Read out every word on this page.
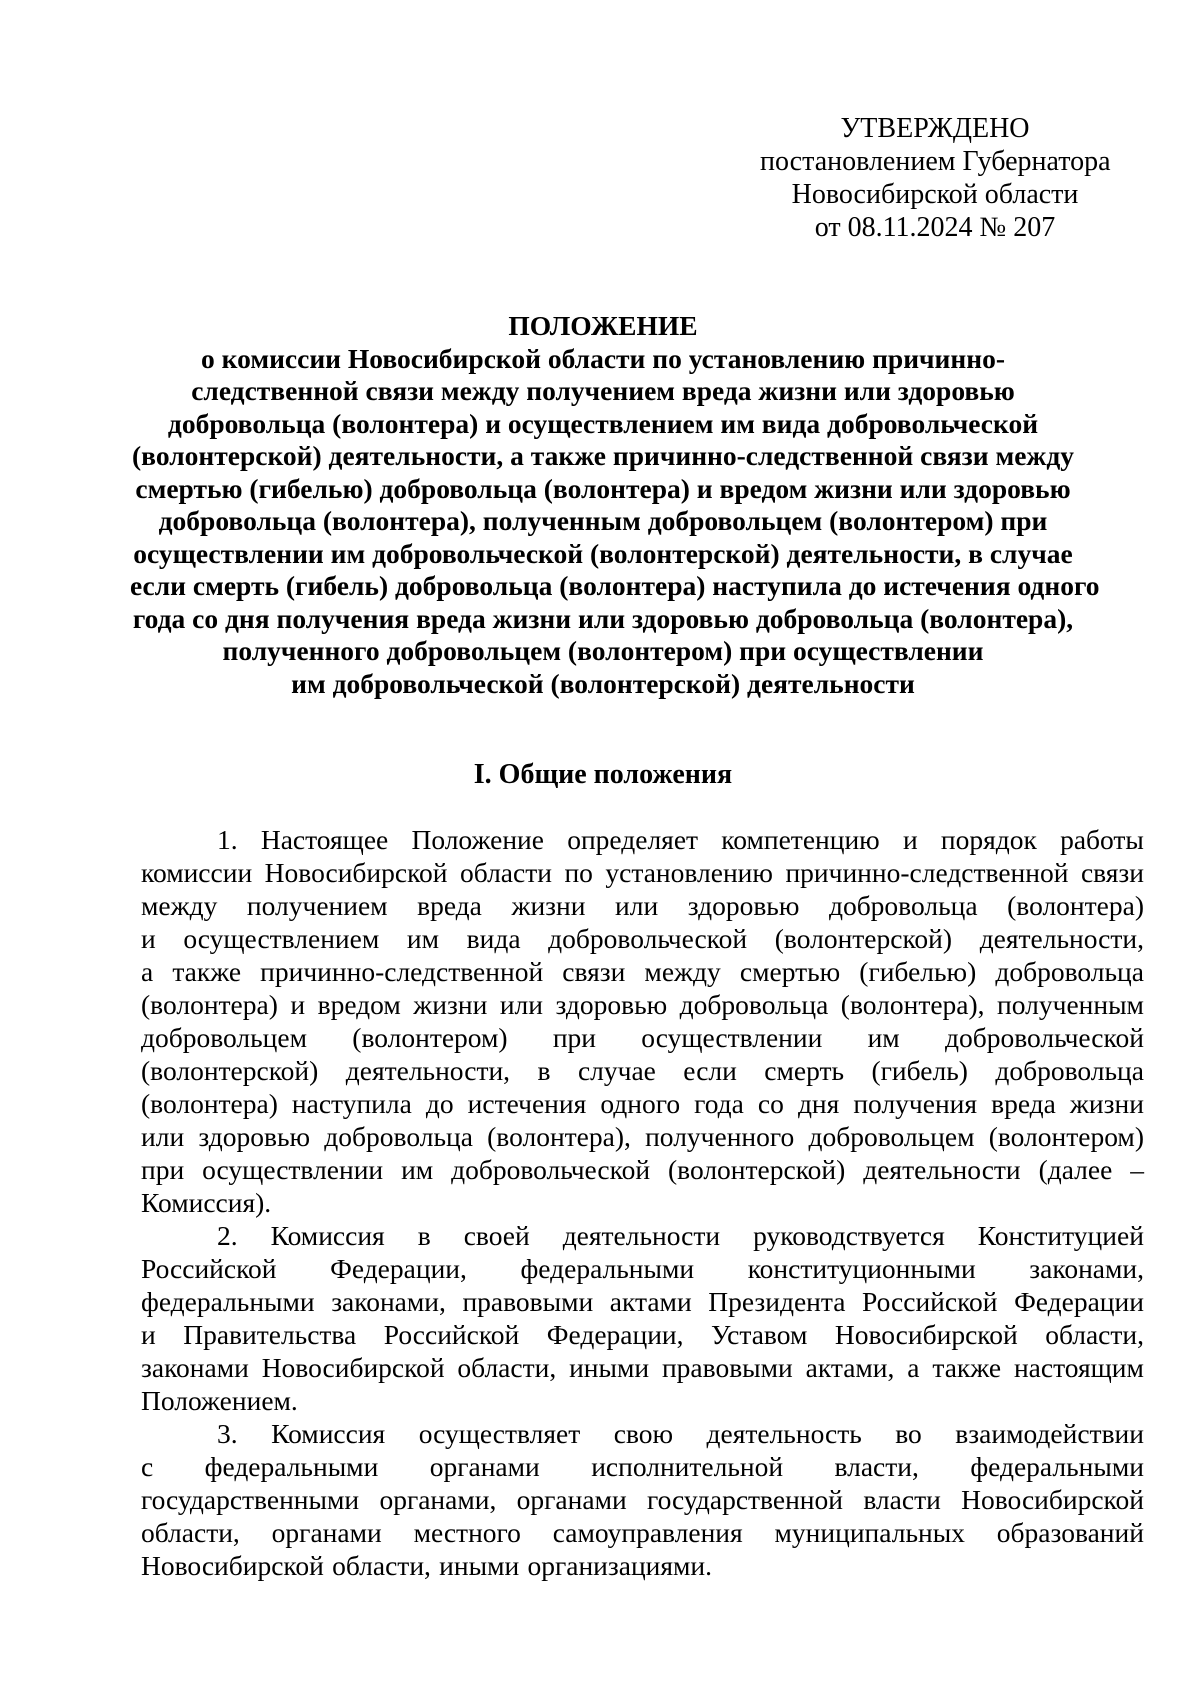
УТВЕРЖДЕНО
постановлением Губернатора
Новосибирской области
от 08.11.2024 № 207
ПОЛОЖЕНИЕ
о комиссии Новосибирской области по установлению причинно-
следственной связи между получением вреда жизни или здоровью
добровольца (волонтера) и осуществлением им вида добровольческой
(волонтерской) деятельности, а также причинно-следственной связи между
смертью (гибелью) добровольца (волонтера) и вредом жизни или здоровью
добровольца (волонтера), полученным добровольцем (волонтером) при
осуществлении им добровольческой (волонтерской) деятельности, в случае
если смерть (гибель) добровольца (волонтера) наступила до истечения одного
года со дня получения вреда жизни или здоровью добровольца (волонтера),
полученного добровольцем (волонтером) при осуществлении
им добровольческой (волонтерской) деятельности
I. Общие положения
1. Настоящее Положение определяет компетенцию и порядок работы
комиссии Новосибирской области по установлению причинно-следственной связи
между получением вреда жизни или здоровью добровольца (волонтера)
и осуществлением им вида добровольческой (волонтерской) деятельности,
а также причинно-следственной связи между смертью (гибелью) добровольца
(волонтера) и вредом жизни или здоровью добровольца (волонтера), полученным
добровольцем (волонтером) при осуществлении им добровольческой
(волонтерской) деятельности, в случае если смерть (гибель) добровольца
(волонтера) наступила до истечения одного года со дня получения вреда жизни
или здоровью добровольца (волонтера), полученного добровольцем (волонтером)
при осуществлении им добровольческой (волонтерской) деятельности (далее –
Комиссия).
2. Комиссия в своей деятельности руководствуется Конституцией
Российской Федерации, федеральными конституционными законами,
федеральными законами, правовыми актами Президента Российской Федерации
и Правительства Российской Федерации, Уставом Новосибирской области,
законами Новосибирской области, иными правовыми актами, а также настоящим
Положением.
3. Комиссия осуществляет свою деятельность во взаимодействии
с федеральными органами исполнительной власти, федеральными
государственными органами, органами государственной власти Новосибирской
области, органами местного самоуправления муниципальных образований
Новосибирской области, иными организациями.
